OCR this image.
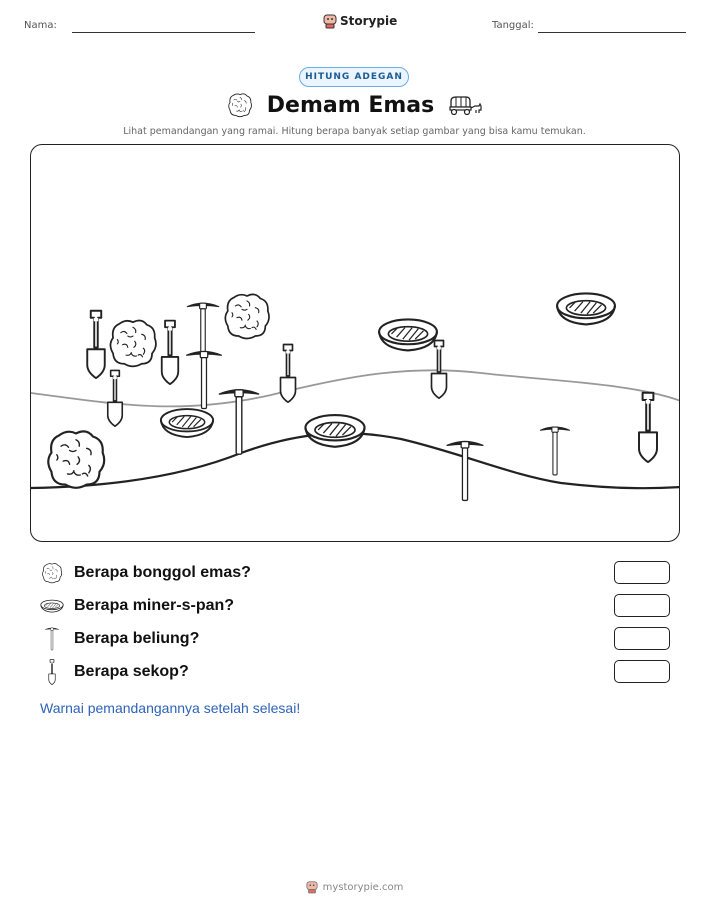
Nama:	Storypie	Tanggal:
HITUNG ADEGAN
Demam Emas
Lihat pemandangan yang ramai. Hitung berapa banyak setiap gambar yang bisa kamu temukan.
Berapa bonggol emas?
Berapa miner-s-pan?
Berapa beliung?
Berapa sekop?
Warnai pemandangannya setelah selesai!
mystorypie.com
